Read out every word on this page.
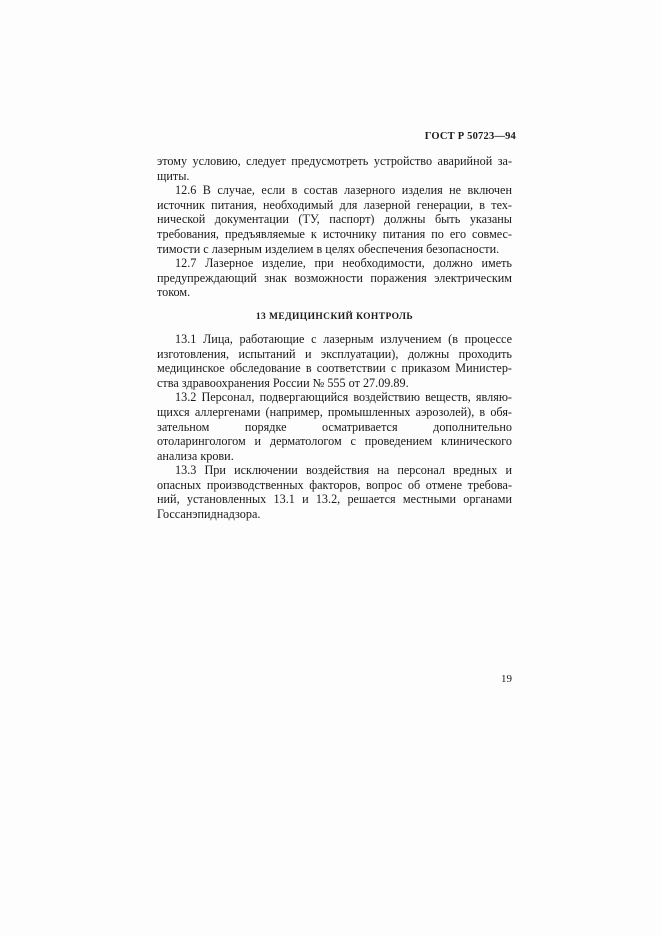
ГОСТ Р 50723—94
этому условию, следует предусмотреть устройство аварийной за-
щиты.
12.6 В случае, если в состав лазерного изделия не включен
источник питания, необходимый для лазерной генерации, в тех-
нической документации (ТУ, паспорт) должны быть указаны
требования, предъявляемые к источнику питания по его совмес-
тимости с лазерным изделием в целях обеспечения безопасности.
12.7 Лазерное изделие, при необходимости, должно иметь
предупреждающий знак возможности поражения электрическим
током.
13 МЕДИЦИНСКИЙ КОНТРОЛЬ
13.1 Лица, работающие с лазерным излучением (в процессе
изготовления, испытаний и эксплуатации), должны проходить
медицинское обследование в соответствии с приказом Министер-
ства здравоохранения России № 555 от 27.09.89.
13.2 Персонал, подвергающийся воздействию веществ, являю-
щихся аллергенами (например, промышленных аэрозолей), в обя-
зательном порядке осматривается дополнительно
отоларингологом и дерматологом с проведением клинического
анализа крови.
13.3 При исключении воздействия на персонал вредных и
опасных производственных факторов, вопрос об отмене требова-
ний, установленных 13.1 и 13.2, решается местными органами
Госсанэпиднадзора.
19
